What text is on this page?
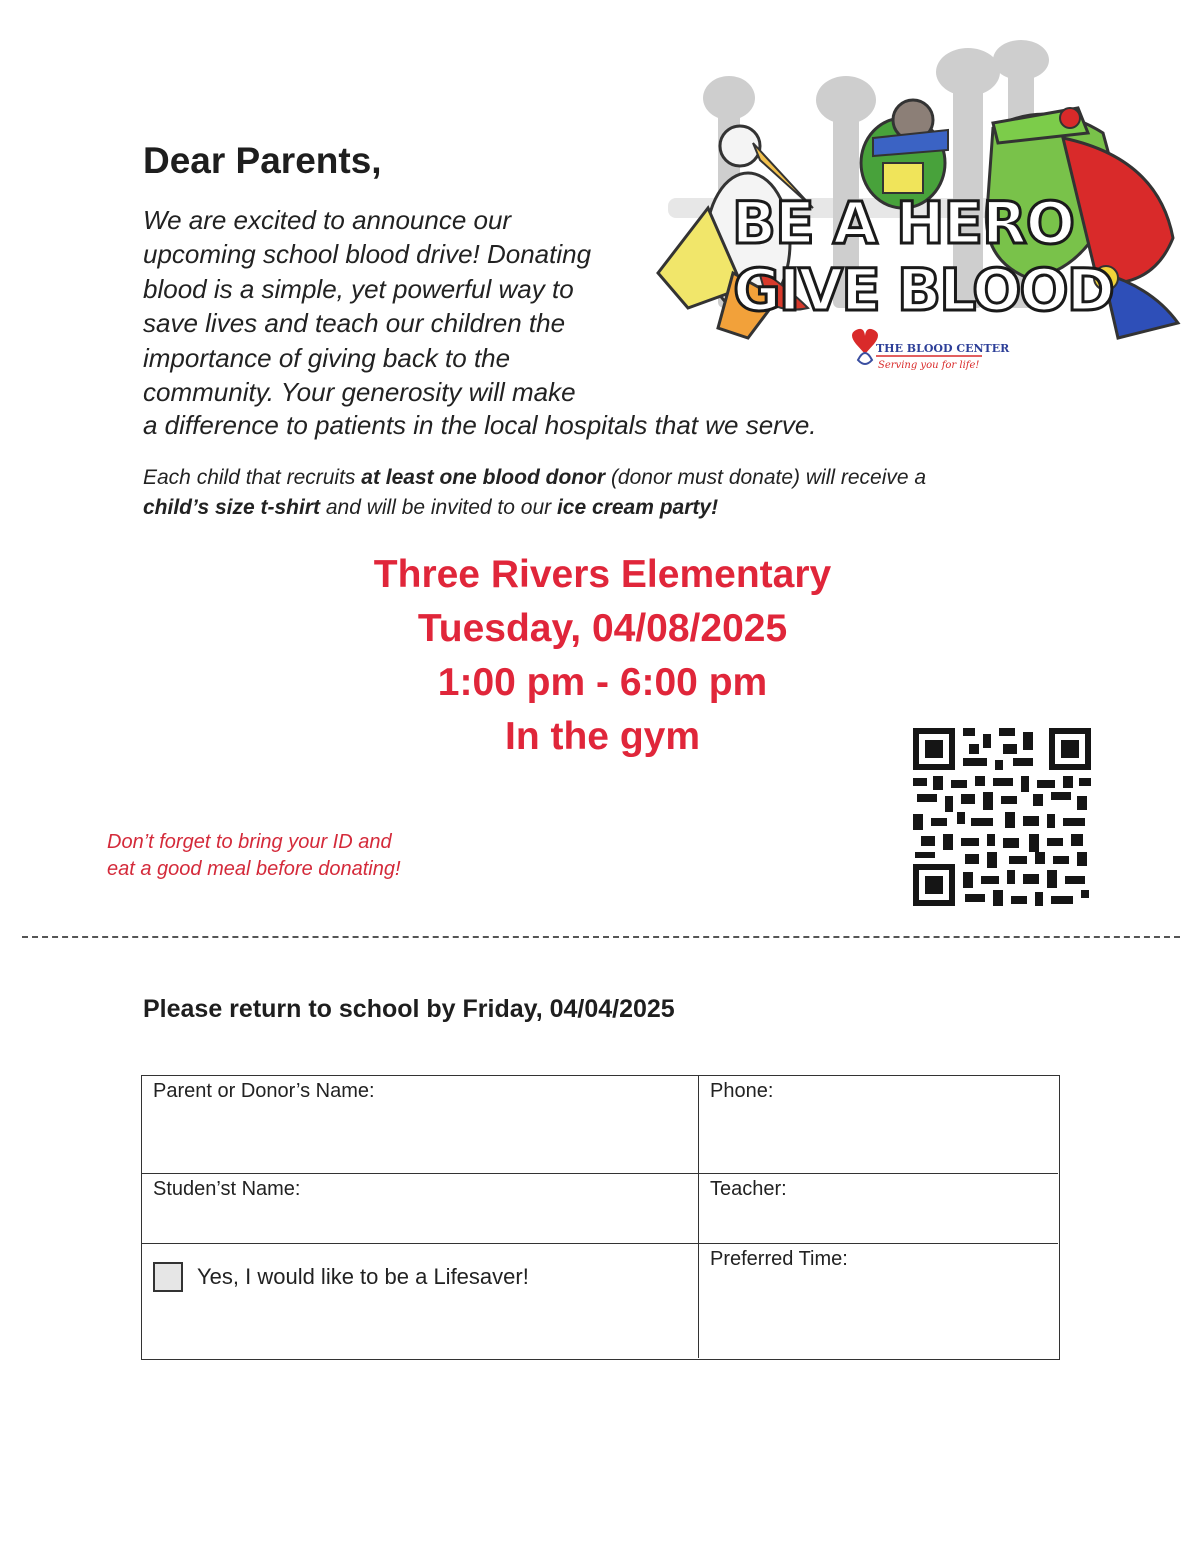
Dear Parents,
We are excited to announce our
upcoming school blood drive! Donating
blood is a simple, yet powerful way to
save lives and teach our children the
importance of giving back to the
community. Your generosity will make
a difference to patients in the local hospitals that we serve.

Each child that recruits at least one blood donor (donor must donate) will receive a
child’s size t-shirt and will be invited to our ice cream party!

BE A HERO
GIVE BLOOD
THE BLOOD CENTER
Serving you for life!
Three Rivers Elementary
Tuesday, 04/08/2025
1:00 pm - 6:00 pm
In the gym
Don’t forget to bring your ID and
eat a good meal before donating!
Please return to school by Friday, 04/04/2025
Parent or Donor’s Name:	Phone:
Studen’st Name:	Teacher:
Yes, I would like to be a Lifesaver!
Preferred Time:
